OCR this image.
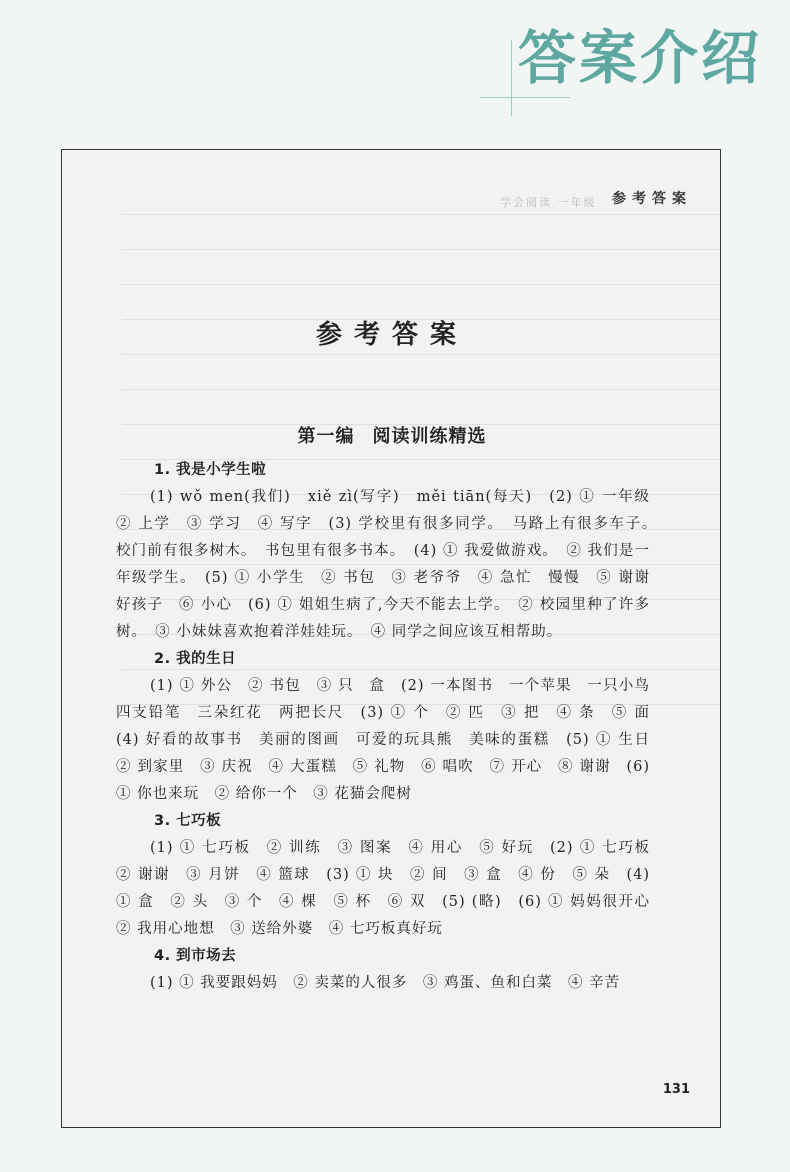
答案介绍
学会阅读 一年级 参考答案
参考答案
第一编 阅读训练精选
1. 我是小学生啦
(1) wǒ men(我们)　xiě zì(写字)　měi tiān(每天)　(2) ① 一年级　② 上学　③ 学习　④ 写字　(3) 学校里有很多同学。　马路上有很多车子。　校门前有很多树木。　书包里有很多书本。　(4) ① 我爱做游戏。　② 我们是一年级学生。　(5) ① 小学生　② 书包　③ 老爷爷　④ 急忙　慢慢　⑤ 谢谢　好孩子　⑥ 小心　(6) ① 姐姐生病了,今天不能去上学。　② 校园里种了许多树。　③ 小妹妹喜欢抱着洋娃娃玩。　④ 同学之间应该互相帮助。
2. 我的生日
(1) ① 外公　② 书包　③ 只　盒　(2) 一本图书　一个苹果　一只小鸟　四支铅笔　三朵红花　两把长尺　(3) ① 个　② 匹　③ 把　④ 条　⑤ 面　(4) 好看的故事书　美丽的图画　可爱的玩具熊　美味的蛋糕　(5) ① 生日　② 到家里　③ 庆祝　④ 大蛋糕　⑤ 礼物　⑥ 唱吹　⑦ 开心　⑧ 谢谢　(6) ① 你也来玩　② 给你一个　③ 花猫会爬树
3. 七巧板
(1) ① 七巧板　② 训练　③ 图案　④ 用心　⑤ 好玩　(2) ① 七巧板　② 谢谢　③ 月饼　④ 篮球　(3) ① 块　② 间　③ 盒　④ 份　⑤ 朵　(4) ① 盒　② 头　③ 个　④ 棵　⑤ 杯　⑥ 双　(5) (略)　(6) ① 妈妈很开心　② 我用心地想　③ 送给外婆　④ 七巧板真好玩
4. 到市场去
(1) ① 我要跟妈妈　② 卖菜的人很多　③ 鸡蛋、鱼和白菜　④ 辛苦
131
